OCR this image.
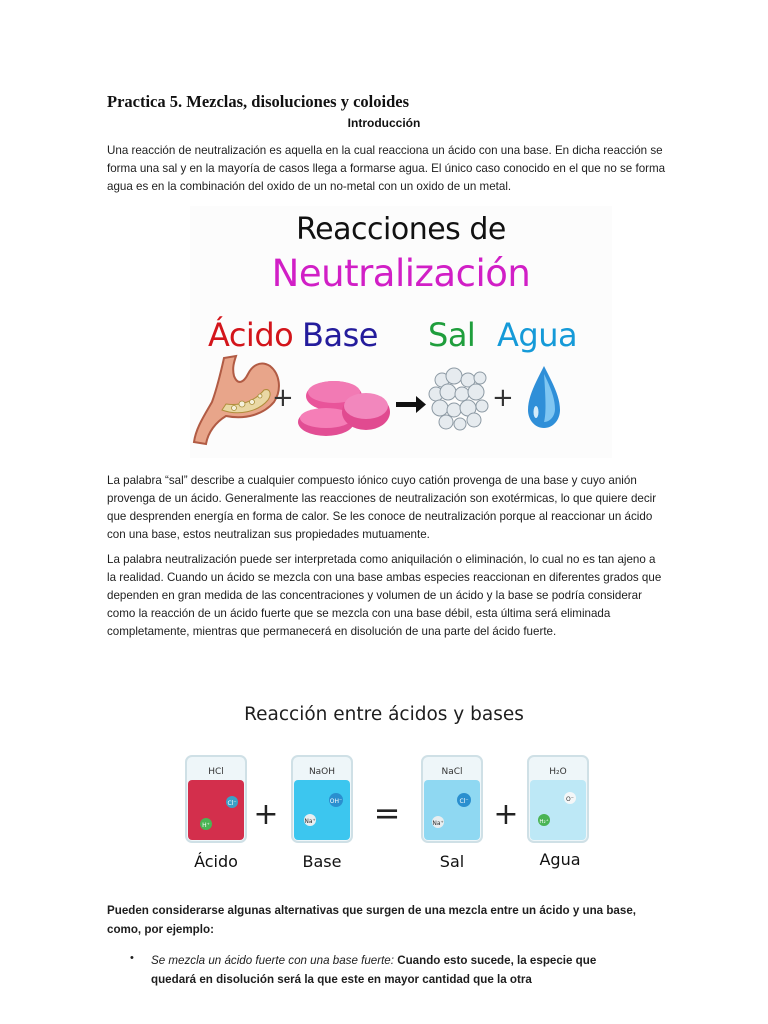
Practica 5. Mezclas, disoluciones y coloides
Introducción

Una reacción de neutralización es aquella en la cual reacciona un ácido con una base. En dicha reacción se forma una sal y en la mayoría de casos llega a formarse agua. El único caso conocido en el que no se forma agua es en la combinación del oxido de un no-metal con un oxido de un metal.

+	+
Reacciones de
Neutralización
Ácido Base Sal Agua

La palabra “sal” describe a cualquier compuesto iónico cuyo catión provenga de una base y cuyo anión provenga de un ácido. Generalmente las reacciones de neutralización son exotérmicas, lo que quiere decir que desprenden energía en forma de calor. Se les conoce de neutralización porque al reaccionar un ácido con una base, estos neutralizan sus propiedades mutuamente.

La palabra neutralización puede ser interpretada como aniquilación o eliminación, lo cual no es tan ajeno a la realidad. Cuando un ácido se mezcla con una base ambas especies reaccionan en diferentes grados que dependen en gran medida de las concentraciones y volumen de un ácido y la base se podría considerar como la reacción de un ácido fuerte que se mezcla con una base débil, esta última será eliminada completamente, mientras que permanecerá en disolución de una parte del ácido fuerte.

Reacción entre ácidos y bases
HCl
Cl⁻
H⁺ +
NaOH
OH⁻
Na⁺ =
NaCl
Cl⁻
Na⁺ +
H₂O
O⁻
H₂⁺
Ácido	Base	Sal	Agua

Pueden considerarse algunas alternativas que surgen de una mezcla entre un ácido y una base, como, por ejemplo:

• Se mezcla un ácido fuerte con una base fuerte: Cuando esto sucede, la especie que quedará en disolución será la que este en mayor cantidad que la otra
